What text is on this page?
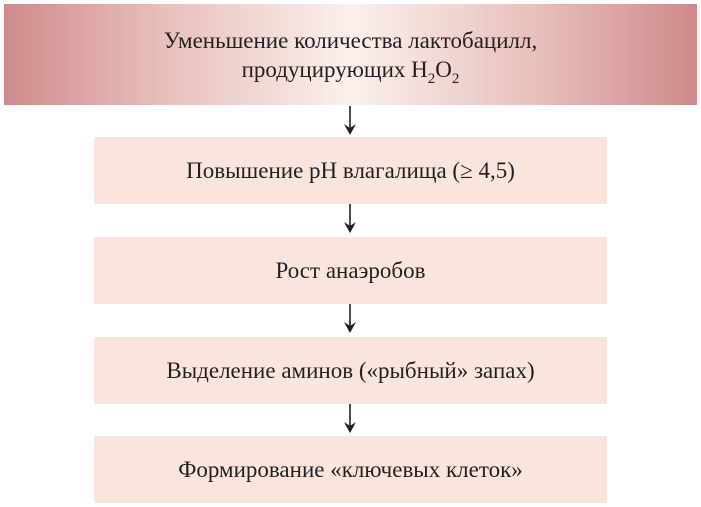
Уменьшение количества лактобацилл,
продуцирующих $H_2O_2$
Повышение рН влагалища (≥ 4,5)
Рост анаэробов
Выделение аминов («рыбный» запах)
Формирование «ключевых клеток»
